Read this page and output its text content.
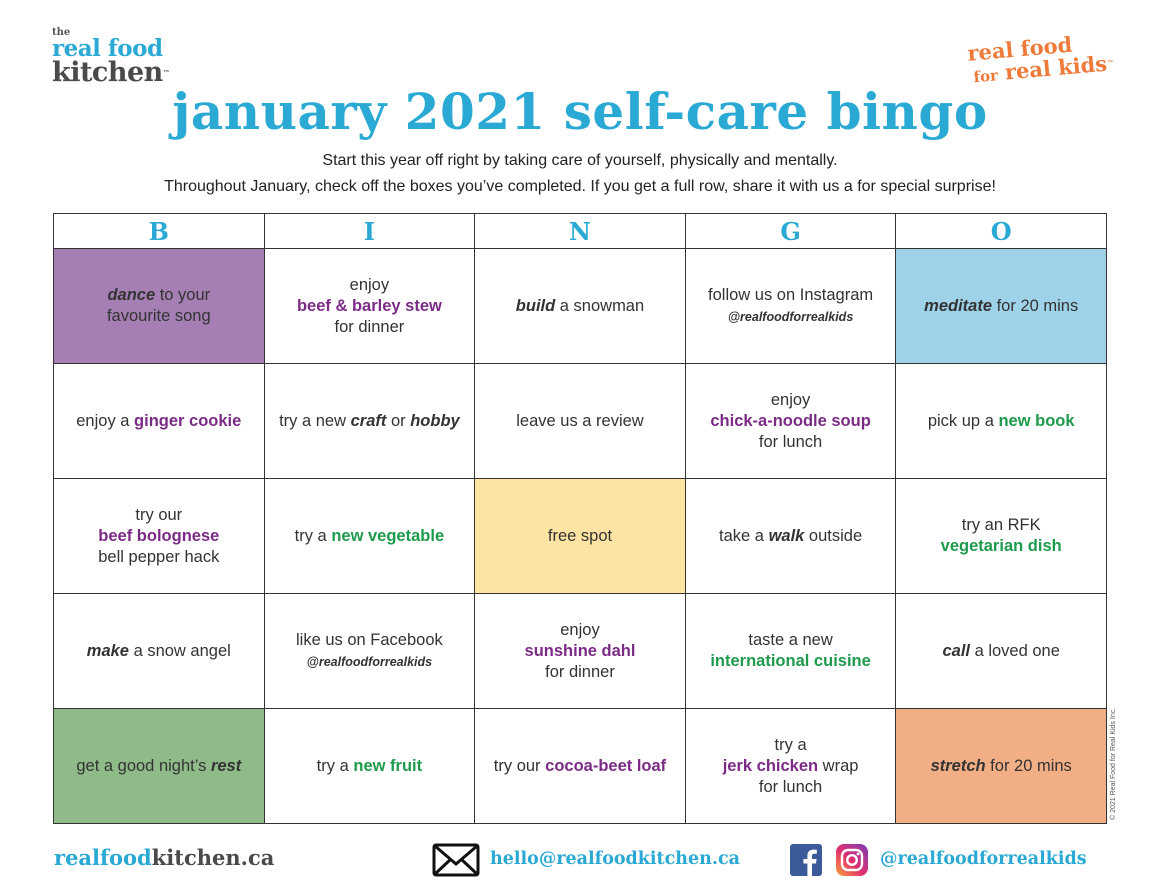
the
real food
kitchen™
real food
for real kids™
january 2021 self-care bingo
Start this year off right by taking care of yourself, physically and mentally.
Throughout January, check off the boxes you’ve completed. If you get a full row, share it with us a for special surprise!
B	I	N	G	O
dance to your
favourite song	enjoy
beef & barley stew
for dinner	build a snowman	follow us on Instagram
@realfoodforrealkids	meditate for 20 mins
enjoy a ginger cookie	try a new craft or hobby	leave us a review	enjoy
chick-a-noodle soup
for lunch	pick up a new book
try our
beef bolognese
bell pepper hack	try a new vegetable	free spot	take a walk outside	try an RFK
vegetarian dish
make a snow angel	like us on Facebook
@realfoodforrealkids	enjoy
sunshine dahl
for dinner	taste a new
international cuisine	call a loved one
get a good night’s rest	try a new fruit	try our cocoa-beet loaf	try a
jerk chicken wrap
for lunch	stretch for 20 mins	© 2021 Real Food for Real Kids Inc.
realfoodkitchen.ca	hello@realfoodkitchen.ca	@realfoodforrealkids
